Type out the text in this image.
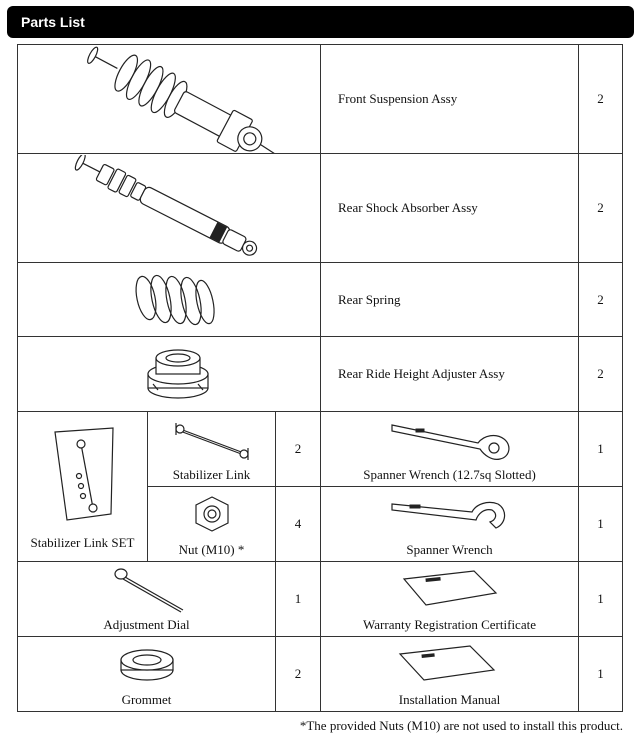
Parts List
	Front Suspension Assy	2

	Rear Shock Absorber Assy	2

	Rear Spring	2

	Rear Ride Height Adjuster Assy	2

Stabilizer Link SET	Stabilizer Link	2	Spanner Wrench (12.7sq Slotted)	1

	Nut (M10) *	4	Spanner Wrench	1

Adjustment Dial		1	Warranty Registration Certificate	1

Grommet		2	Installation Manual	1
*The provided Nuts (M10) are not used to install this product.
